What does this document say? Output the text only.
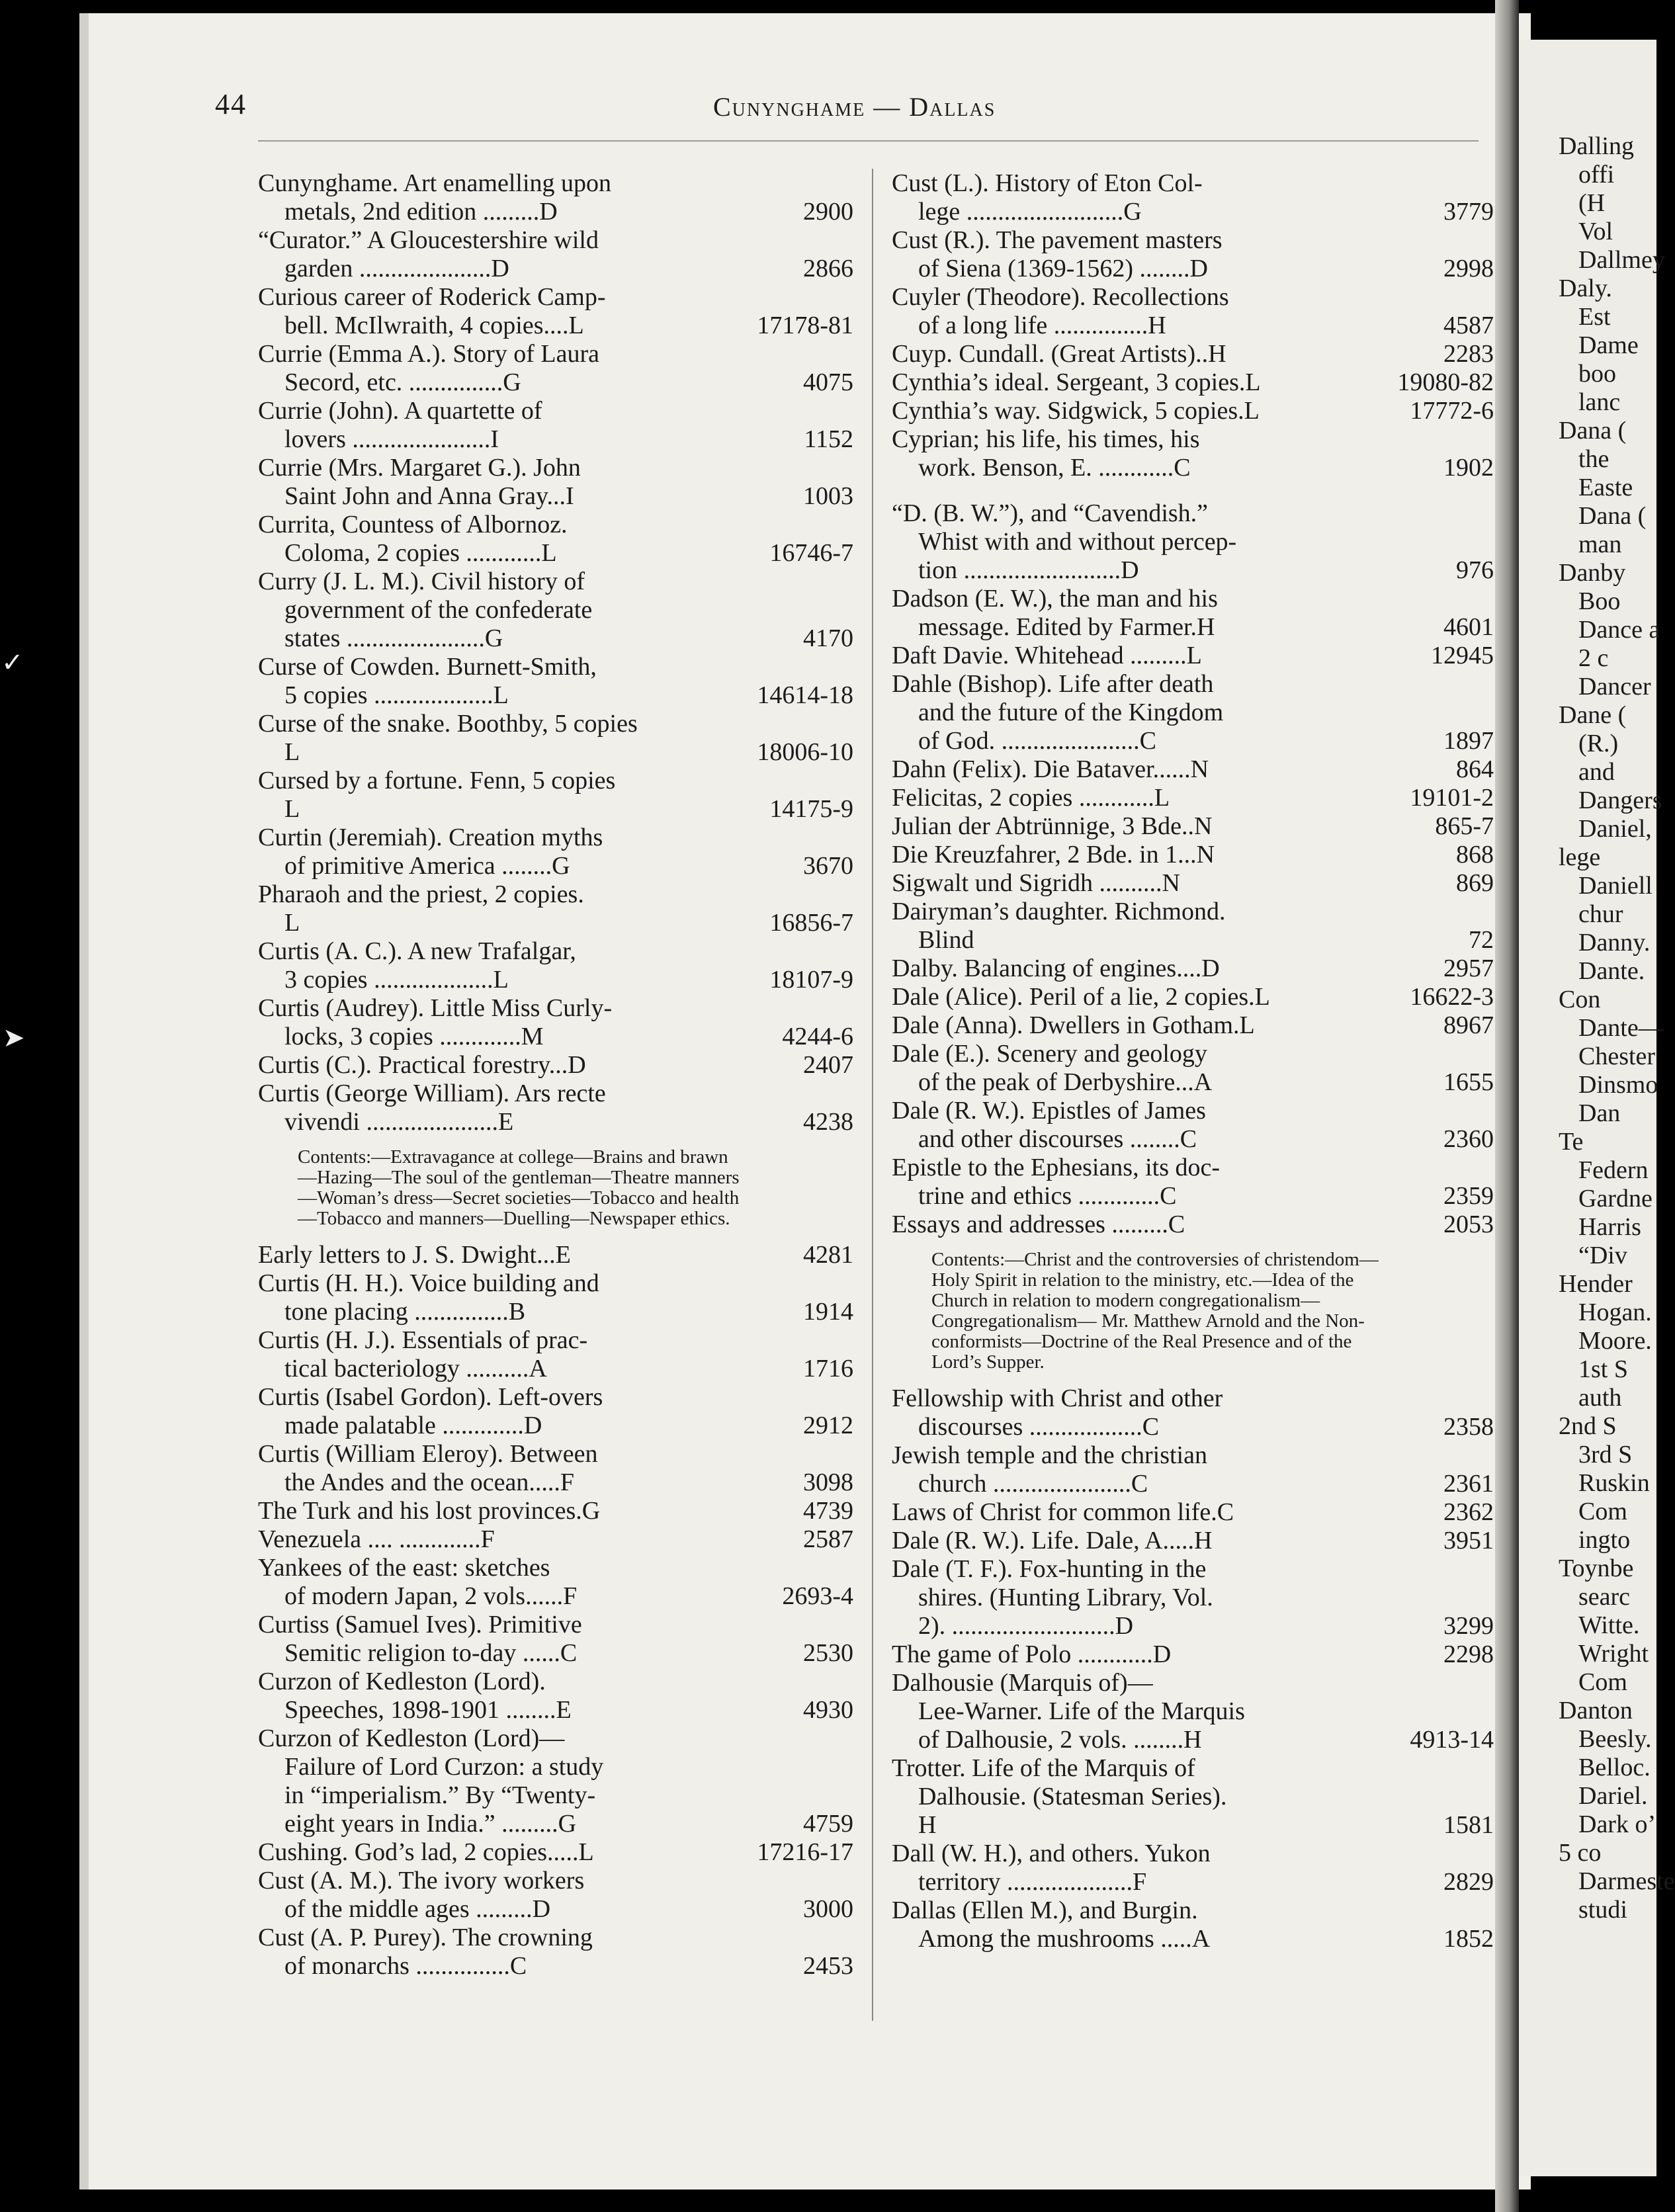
44	Cunynghame — Dallas
Cunynghame. Art enamelling upon
metals, 2nd edition .........D	2900
“Curator.” A Gloucestershire wild
garden .....................D	2866
Curious career of Roderick Camp-
bell. McIlwraith, 4 copies....L	17178-81
Currie (Emma A.). Story of Laura
Secord, etc. ...............G	4075
Currie (John). A quartette of
lovers ......................I	1152
Currie (Mrs. Margaret G.). John
Saint John and Anna Gray...I	1003
Currita, Countess of Albornoz.
Coloma, 2 copies ............L	16746-7
Curry (J. L. M.). Civil history of
government of the confederate
states ......................G	4170
Curse of Cowden. Burnett-Smith,
5 copies ...................L	14614-18
Curse of the snake. Boothby, 5 copies
L	18006-10
Cursed by a fortune. Fenn, 5 copies
L	14175-9
Curtin (Jeremiah). Creation myths
of primitive America ........G	3670
Pharaoh and the priest, 2 copies.
L	16856-7
Curtis (A. C.). A new Trafalgar,
3 copies ...................L	18107-9
Curtis (Audrey). Little Miss Curly-
locks, 3 copies .............M	4244-6
Curtis (C.). Practical forestry...D	2407
Curtis (George William). Ars recte
vivendi .....................E	4238
Contents:—Extravagance at college—Brains and brawn—Hazing—The soul of the gentleman—Theatre manners—Woman’s dress—Secret societies—Tobacco and health—Tobacco and manners—Duelling—Newspaper ethics.
Early letters to J. S. Dwight...E	4281
Curtis (H. H.). Voice building and
tone placing ...............B	1914
Curtis (H. J.). Essentials of prac-
tical bacteriology ..........A	1716
Curtis (Isabel Gordon). Left-overs
made palatable .............D	2912
Curtis (William Eleroy). Between
the Andes and the ocean.....F	3098
The Turk and his lost provinces.G	4739
Venezuela .... .............F	2587
Yankees of the east: sketches
of modern Japan, 2 vols......F	2693-4
Curtiss (Samuel Ives). Primitive
Semitic religion to-day ......C	2530
Curzon of Kedleston (Lord).
Speeches, 1898-1901 ........E	4930
Curzon of Kedleston (Lord)—
Failure of Lord Curzon: a study
in “imperialism.” By “Twenty-
eight years in India.” .........G	4759
Cushing. God’s lad, 2 copies.....L	17216-17
Cust (A. M.). The ivory workers
of the middle ages .........D	3000
Cust (A. P. Purey). The crowning
of monarchs ...............C	2453
Cust (L.). History of Eton Col-
lege .........................G	3779
Cust (R.). The pavement masters
of Siena (1369-1562) ........D	2998
Cuyler (Theodore). Recollections
of a long life ...............H	4587
Cuyp. Cundall. (Great Artists)..H	2283
Cynthia’s ideal. Sergeant, 3 copies.L	19080-82
Cynthia’s way. Sidgwick, 5 copies.L	17772-6
Cyprian; his life, his times, his
work. Benson, E. ............C	1902
“D. (B. W.”), and “Cavendish.”
Whist with and without percep-
tion .........................D	976
Dadson (E. W.), the man and his
message. Edited by Farmer.H	4601
Daft Davie. Whitehead .........L	12945
Dahle (Bishop). Life after death
and the future of the Kingdom
of God. ......................C	1897
Dahn (Felix). Die Bataver......N	864
Felicitas, 2 copies ............L	19101-2
Julian der Abtrünnige, 3 Bde..N	865-7
Die Kreuzfahrer, 2 Bde. in 1...N	868
Sigwalt und Sigridh ..........N	869
Dairyman’s daughter. Richmond.
Blind	72
Dalby. Balancing of engines....D	2957
Dale (Alice). Peril of a lie, 2 copies.L	16622-3
Dale (Anna). Dwellers in Gotham.L	8967
Dale (E.). Scenery and geology
of the peak of Derbyshire...A	1655
Dale (R. W.). Epistles of James
and other discourses ........C	2360
Epistle to the Ephesians, its doc-
trine and ethics .............C	2359
Essays and addresses .........C	2053
Contents:—Christ and the controversies of christendom—Holy Spirit in relation to the ministry, etc.—Idea of the Church in relation to modern congregationalism—Congregationalism— Mr. Matthew Arnold and the Non-conformists—Doctrine of the Real Presence and of the Lord’s Supper.
Fellowship with Christ and other
discourses ..................C	2358
Jewish temple and the christian
church ......................C	2361
Laws of Christ for common life.C	2362
Dale (R. W.). Life. Dale, A.....H	3951
Dale (T. F.). Fox-hunting in the
shires. (Hunting Library, Vol.
2). ..........................D	3299
The game of Polo ............D	2298
Dalhousie (Marquis of)—
Lee-Warner. Life of the Marquis
of Dalhousie, 2 vols. ........H	4913-14
Trotter. Life of the Marquis of
Dalhousie. (Statesman Series).
H	1581
Dall (W. H.), and others. Yukon
territory ....................F	2829
Dallas (Ellen M.), and Burgin.
Among the mushrooms .....A	1852
Dalling
offi
(H
Vol
Dallmey
Daly.
Est
Dame
boo
lanc
Dana (
the
Easte
Dana (
man
Danby
Boo
Dance a
2 c
Dancer
Dane (
(R.)
and
Dangers
Daniel,
lege
Daniell
chur
Danny.
Dante.
Con
Dante—
Chester
Dinsmo
Dan
Te
Federn
Gardne
Harris
“Div
Hender
Hogan.
Moore.
1st S
auth
2nd S
3rd S
Ruskin
Com
ingto
Toynbe
searc
Witte.
Wright
Com
Danton
Beesly.
Belloc.
Dariel.
Dark o’
5 co
Darmeste
studi
✓
➤
